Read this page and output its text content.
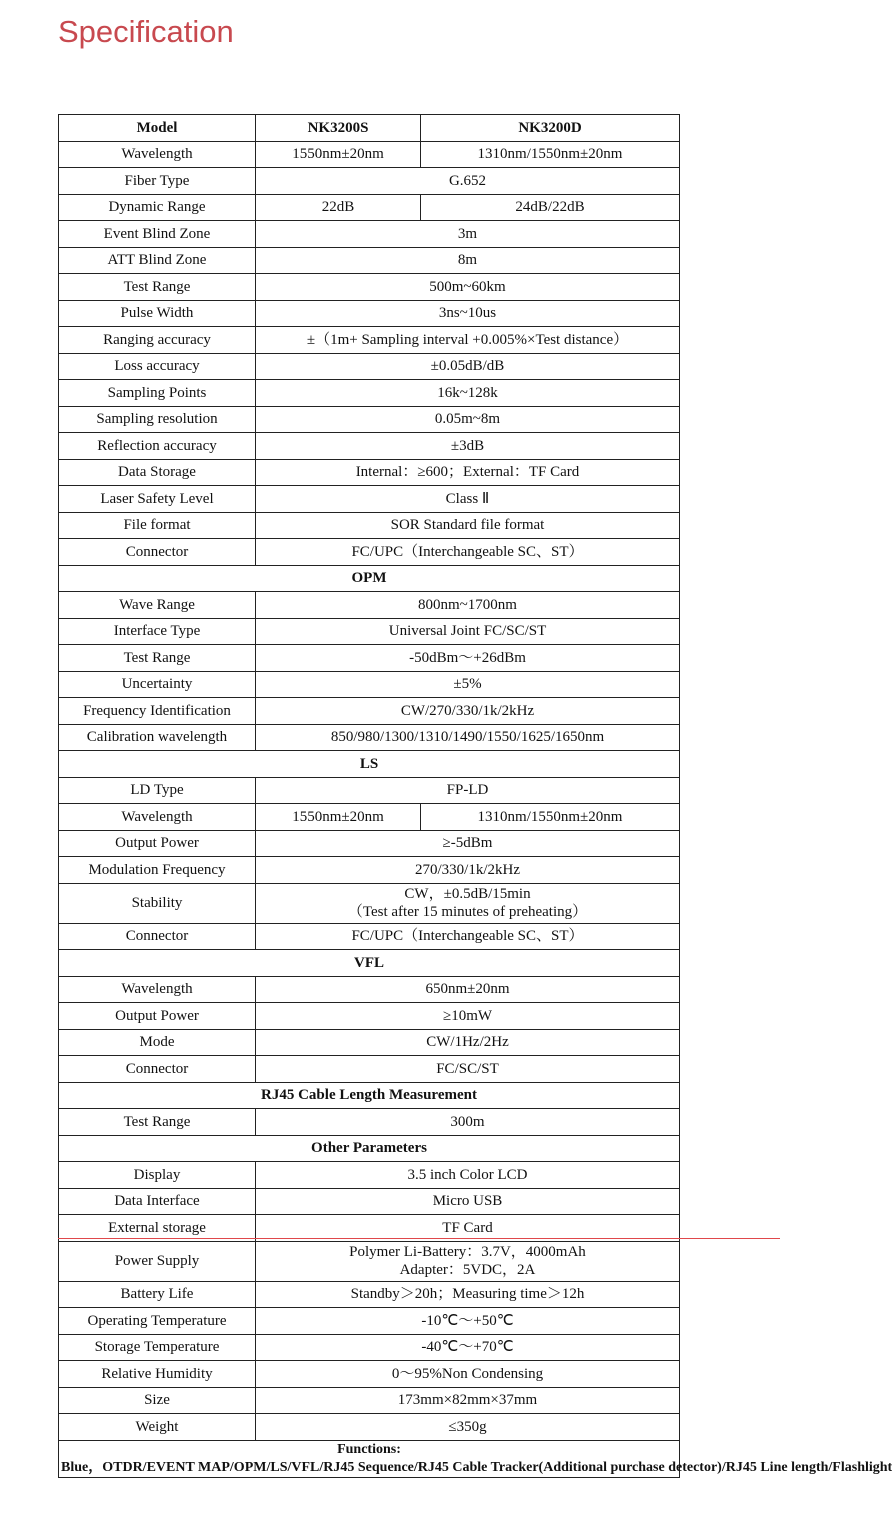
Specification
Model	NK3200S	NK3200D
Wavelength	1550nm±20nm	1310nm/1550nm±20nm
Fiber Type	G.652	
Dynamic Range	22dB	24dB/22dB
Event Blind Zone	3m	
ATT Blind Zone	8m	
Test Range	500m~60km	
Pulse Width	3ns~10us	
Ranging accuracy	±（1m+ Sampling interval +0.005%×Test distance）	
Loss accuracy	±0.05dB/dB	
Sampling Points	16k~128k	
Sampling resolution	0.05m~8m	
Reflection accuracy	±3dB	
Data Storage	Internal：≥600；External：TF Card	
Laser Safety Level	Class Ⅱ	
File format	SOR Standard file format	
Connector	FC/UPC（Interchangeable SC、ST）	
OPM		
Wave Range	800nm~1700nm	
Interface Type	Universal Joint FC/SC/ST	
Test Range	-50dBm～+26dBm	
Uncertainty	±5%	
Frequency Identification	CW/270/330/1k/2kHz	
Calibration wavelength	850/980/1300/1310/1490/1550/1625/1650nm	
LS		
LD Type	FP-LD	
Wavelength	1550nm±20nm	1310nm/1550nm±20nm
Output Power	≥-5dBm	
Modulation Frequency	270/330/1k/2kHz	
Stability	CW，±0.5dB/15min
（Test after 15 minutes of preheating）	

Connector	FC/UPC（Interchangeable SC、ST）	
VFL		
Wavelength	650nm±20nm	
Output Power	≥10mW	
Mode	CW/1Hz/2Hz	
Connector	FC/SC/ST	
RJ45 Cable Length Measurement		
Test Range	300m	
Other Parameters		
Display	3.5 inch Color LCD	
Data Interface	Micro USB	
External storage	TF Card	
Power Supply	Polymer Li-Battery：3.7V，4000mAh
Adapter：5VDC，2A	

Battery Life	Standby＞20h；Measuring time＞12h	
Operating Temperature	-10℃～+50℃	
Storage Temperature	-40℃～+70℃	
Relative Humidity	0～95%Non Condensing	
Size	173mm×82mm×37mm	
Weight	≤350g	

Functions:
Blue，OTDR/EVENT MAP/OPM/LS/VFL/RJ45 Sequence/RJ45 Cable Tracker(Additional purchase detector)/RJ45 Line length/Flashlight		
